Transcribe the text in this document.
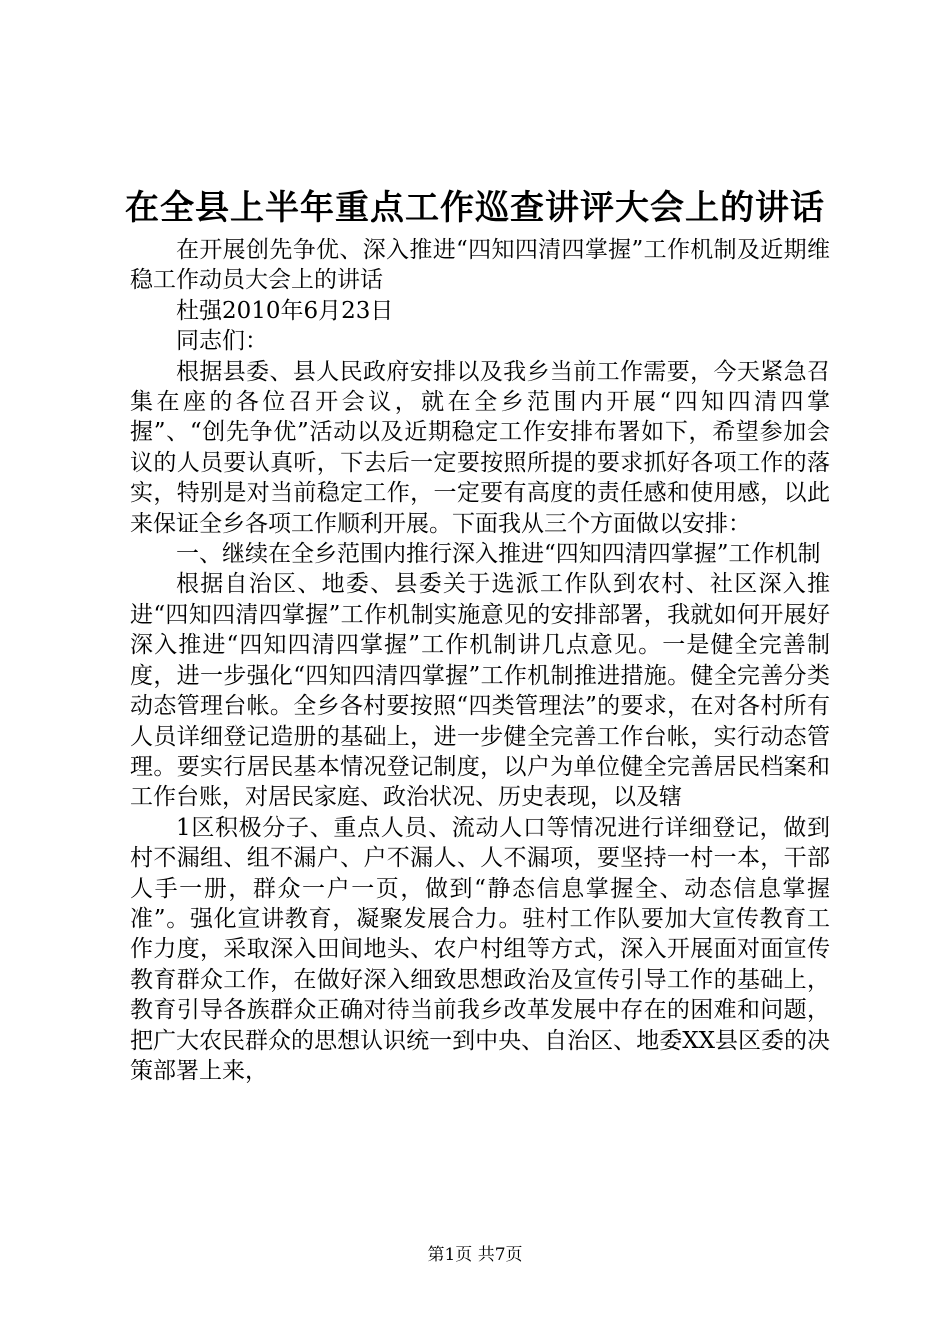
在全县上半年重点工作巡查讲评大会上的讲话

在开展创先争优、深入推进“四知四清四掌握”工作机制及近期维稳工作动员大会上的讲话

杜强2010年6月23日

同志们：

根据县委、县人民政府安排以及我乡当前工作需要，今天紧急召集在座的各位召开会议，就在全乡范围内开展“四知四清四掌握”、“创先争优”活动以及近期稳定工作安排布署如下，希望参加会议的人员要认真听，下去后一定要按照所提的要求抓好各项工作的落实，特别是对当前稳定工作，一定要有高度的责任感和使用感，以此来保证全乡各项工作顺利开展。下面我从三个方面做以安排：

一、继续在全乡范围内推行深入推进“四知四清四掌握”工作机制

根据自治区、地委、县委关于选派工作队到农村、社区深入推进“四知四清四掌握”工作机制实施意见的安排部署，我就如何开展好深入推进“四知四清四掌握”工作机制讲几点意见。一是健全完善制度，进一步强化“四知四清四掌握”工作机制推进措施。健全完善分类动态管理台帐。全乡各村要按照“四类管理法”的要求，在对各村所有人员详细登记造册的基础上，进一步健全完善工作台帐，实行动态管理。要实行居民基本情况登记制度，以户为单位健全完善居民档案和工作台账，对居民家庭、政治状况、历史表现，以及辖

1区积极分子、重点人员、流动人口等情况进行详细登记，做到村不漏组、组不漏户、户不漏人、人不漏项，要坚持一村一本，干部人手一册，群众一户一页，做到“静态信息掌握全、动态信息掌握准”。强化宣讲教育，凝聚发展合力。驻村工作队要加大宣传教育工作力度，采取深入田间地头、农户村组等方式，深入开展面对面宣传教育群众工作，在做好深入细致思想政治及宣传引导工作的基础上，教育引导各族群众正确对待当前我乡改革发展中存在的困难和问题，把广大农民群众的思想认识统一到中央、自治区、地委XX县区委的决策部署上来，

第1页 共7页
